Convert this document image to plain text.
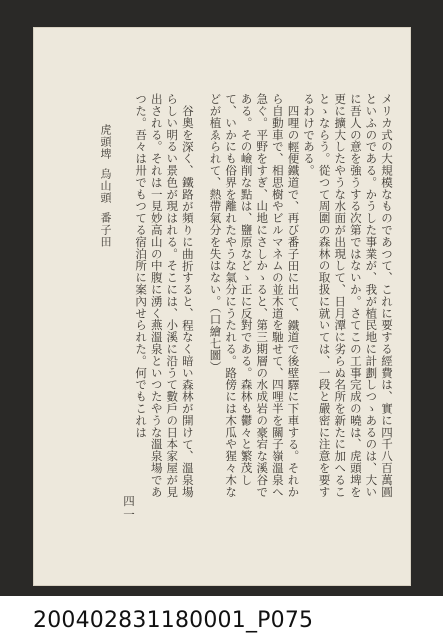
メリカ式の大規模なものであつて、これに要する經費は、實に四千八百萬圓といふのである。かうした事業が、我が植民地に計劃しつゝあるのは、大いに吾人の意を強うする次第ではないか。さてこの工事完成の曉は、虎頭埤を更に擴大したやうな水面が出現して、日月潭に劣らぬ名所を新たに加へることゝならう。從つて周圍の森林の取扱に就いては、一段と嚴密に注意を要するわけである。

四哩の輕便鐵道で、再び番子田に出て、鐵道で後壁驛に下車する。それから自動車で、相思樹やビルマネムの並木道を馳せて、四哩半を關子嶺溫泉へ急ぐ。平野をすぎ、山地にさしかゝると、第三期層の水成岩の豪宕な溪谷である。その嶮削な點は、鹽原などゝ正に反對である。森林も鬱々と繁茂して、いかにも俗界を離れたやうな氣分にうたれる。路傍には木瓜や猩々木などが植ゑられて、熱帶氣分を失はない。（口繪七圖）

谷奧を深く、鐵路が頻りに曲折すると、程なく暗い森林が開けて、溫泉場らしい明るい景色が現はれる。そこには、小溪に沿うて數戶の日本家屋が見出される。それは一見妙高山の中腹に湧く燕溫泉といつたやうな溫泉場であつた。吾々は卅でもつてる宿泊所に案內せられた。何でもこれは

四一
虎頭埤烏山頭番子田
200402831180001_P075
